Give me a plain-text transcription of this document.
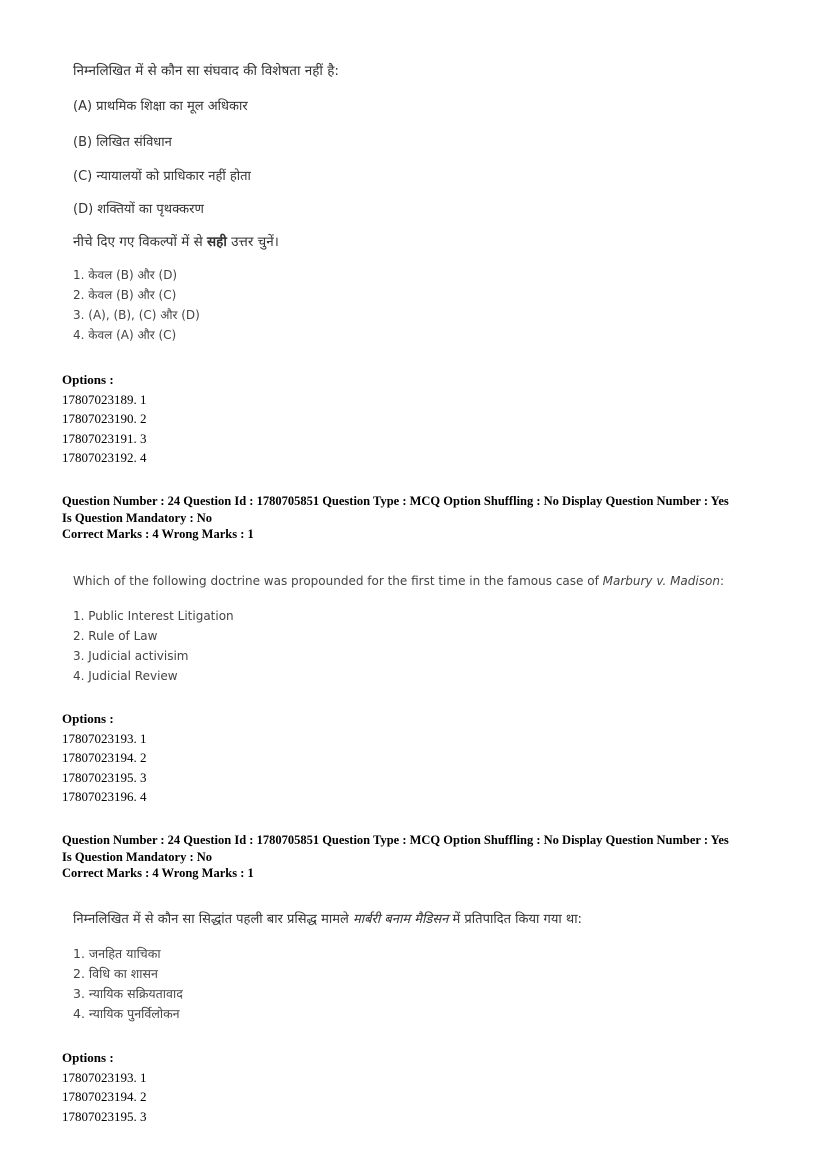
निम्नलिखित में से कौन सा संघवाद की विशेषता नहीं है:
(A) प्राथमिक शिक्षा का मूल अधिकार
(B) लिखित संविधान
(C) न्यायालयों को प्राधिकार नहीं होता
(D) शक्तियों का पृथक्करण
नीचे दिए गए विकल्पों में से सही उत्तर चुनें।
1. केवल (B) और (D)
2. केवल (B) और (C)
3. (A), (B), (C) और (D)
4. केवल (A) और (C)
Options :
17807023189. 1
17807023190. 2
17807023191. 3
17807023192. 4
Question Number : 24 Question Id : 1780705851 Question Type : MCQ Option Shuffling : No Display Question Number : Yes
Is Question Mandatory : No
Correct Marks : 4 Wrong Marks : 1
Which of the following doctrine was propounded for the first time in the famous case of Marbury v. Madison:
1. Public Interest Litigation
2. Rule of Law
3. Judicial activisim
4. Judicial Review
Options :
17807023193. 1
17807023194. 2
17807023195. 3
17807023196. 4
Question Number : 24 Question Id : 1780705851 Question Type : MCQ Option Shuffling : No Display Question Number : Yes
Is Question Mandatory : No
Correct Marks : 4 Wrong Marks : 1
निम्नलिखित में से कौन सा सिद्धांत पहली बार प्रसिद्ध मामले मार्बरी बनाम मैडिसन में प्रतिपादित किया गया था:
1. जनहित याचिका
2. विधि का शासन
3. न्यायिक सक्रियतावाद
4. न्यायिक पुनर्विलोकन
Options :
17807023193. 1
17807023194. 2
17807023195. 3
